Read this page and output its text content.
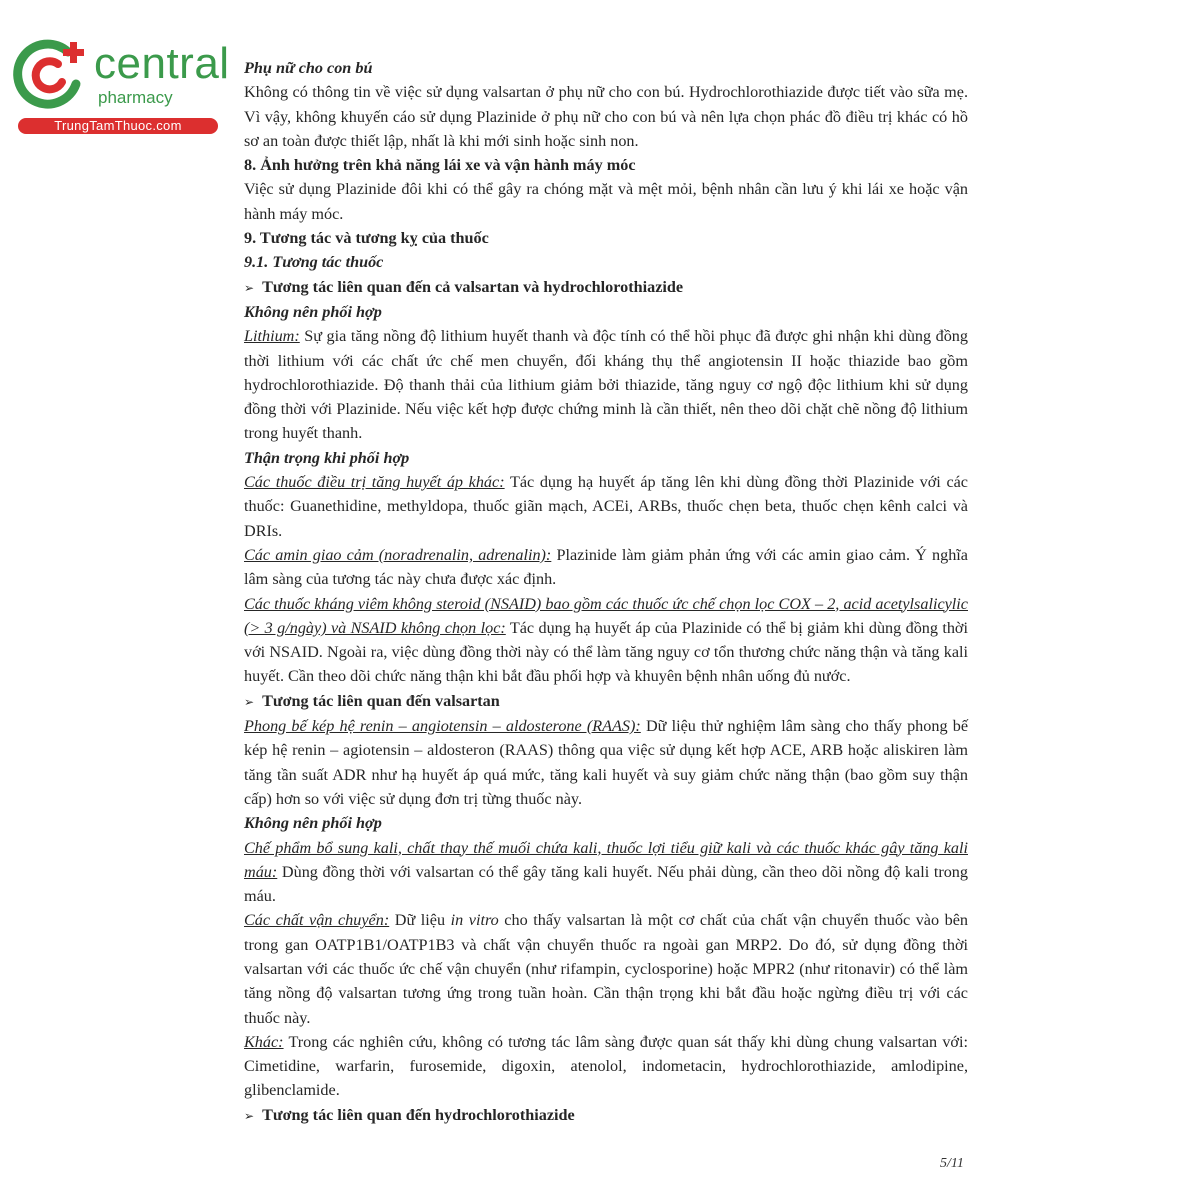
central
pharmacy
TrungTamThuoc.com

Phụ nữ cho con bú

Không có thông tin về việc sử dụng valsartan ở phụ nữ cho con bú. Hydrochlorothiazide được tiết vào sữa mẹ. Vì vậy, không khuyến cáo sử dụng Plazinide ở phụ nữ cho con bú và nên lựa chọn phác đồ điều trị khác có hồ sơ an toàn được thiết lập, nhất là khi mới sinh hoặc sinh non.

8. Ảnh hưởng trên khả năng lái xe và vận hành máy móc

Việc sử dụng Plazinide đôi khi có thể gây ra chóng mặt và mệt mỏi, bệnh nhân cần lưu ý khi lái xe hoặc vận hành máy móc.

9. Tương tác và tương kỵ của thuốc

9.1. Tương tác thuốc

➢ Tương tác liên quan đến cả valsartan và hydrochlorothiazide

Không nên phối hợp

Lithium: Sự gia tăng nồng độ lithium huyết thanh và độc tính có thể hồi phục đã được ghi nhận khi dùng đồng thời lithium với các chất ức chế men chuyển, đối kháng thụ thể angiotensin II hoặc thiazide bao gồm hydrochlorothiazide. Độ thanh thải của lithium giảm bởi thiazide, tăng nguy cơ ngộ độc lithium khi sử dụng đồng thời với Plazinide. Nếu việc kết hợp được chứng minh là cần thiết, nên theo dõi chặt chẽ nồng độ lithium trong huyết thanh.

Thận trọng khi phối hợp

Các thuốc điều trị tăng huyết áp khác: Tác dụng hạ huyết áp tăng lên khi dùng đồng thời Plazinide với các thuốc: Guanethidine, methyldopa, thuốc giãn mạch, ACEi, ARBs, thuốc chẹn beta, thuốc chẹn kênh calci và DRIs.

Các amin giao cảm (noradrenalin, adrenalin): Plazinide làm giảm phản ứng với các amin giao cảm. Ý nghĩa lâm sàng của tương tác này chưa được xác định.

Các thuốc kháng viêm không steroid (NSAID) bao gồm các thuốc ức chế chọn lọc COX – 2, acid acetylsalicylic (> 3 g/ngày) và NSAID không chọn lọc: Tác dụng hạ huyết áp của Plazinide có thể bị giảm khi dùng đồng thời với NSAID. Ngoài ra, việc dùng đồng thời này có thể làm tăng nguy cơ tổn thương chức năng thận và tăng kali huyết. Cần theo dõi chức năng thận khi bắt đầu phối hợp và khuyên bệnh nhân uống đủ nước.

➢ Tương tác liên quan đến valsartan

Phong bế kép hệ renin – angiotensin – aldosterone (RAAS): Dữ liệu thử nghiệm lâm sàng cho thấy phong bế kép hệ renin – agiotensin – aldosteron (RAAS) thông qua việc sử dụng kết hợp ACE, ARB hoặc aliskiren làm tăng tần suất ADR như hạ huyết áp quá mức, tăng kali huyết và suy giảm chức năng thận (bao gồm suy thận cấp) hơn so với việc sử dụng đơn trị từng thuốc này.

Không nên phối hợp

Chế phẩm bổ sung kali, chất thay thế muối chứa kali, thuốc lợi tiểu giữ kali và các thuốc khác gây tăng kali máu: Dùng đồng thời với valsartan có thể gây tăng kali huyết. Nếu phải dùng, cần theo dõi nồng độ kali trong máu.

Các chất vận chuyển: Dữ liệu in vitro cho thấy valsartan là một cơ chất của chất vận chuyển thuốc vào bên trong gan OATP1B1/OATP1B3 và chất vận chuyển thuốc ra ngoài gan MRP2. Do đó, sử dụng đồng thời valsartan với các thuốc ức chế vận chuyển (như rifampin, cyclosporine) hoặc MPR2 (như ritonavir) có thể làm tăng nồng độ valsartan tương ứng trong tuần hoàn. Cần thận trọng khi bắt đầu hoặc ngừng điều trị với các thuốc này.

Khác: Trong các nghiên cứu, không có tương tác lâm sàng được quan sát thấy khi dùng chung valsartan với: Cimetidine, warfarin, furosemide, digoxin, atenolol, indometacin, hydrochlorothiazide, amlodipine, glibenclamide.

➢ Tương tác liên quan đến hydrochlorothiazide

5/11
